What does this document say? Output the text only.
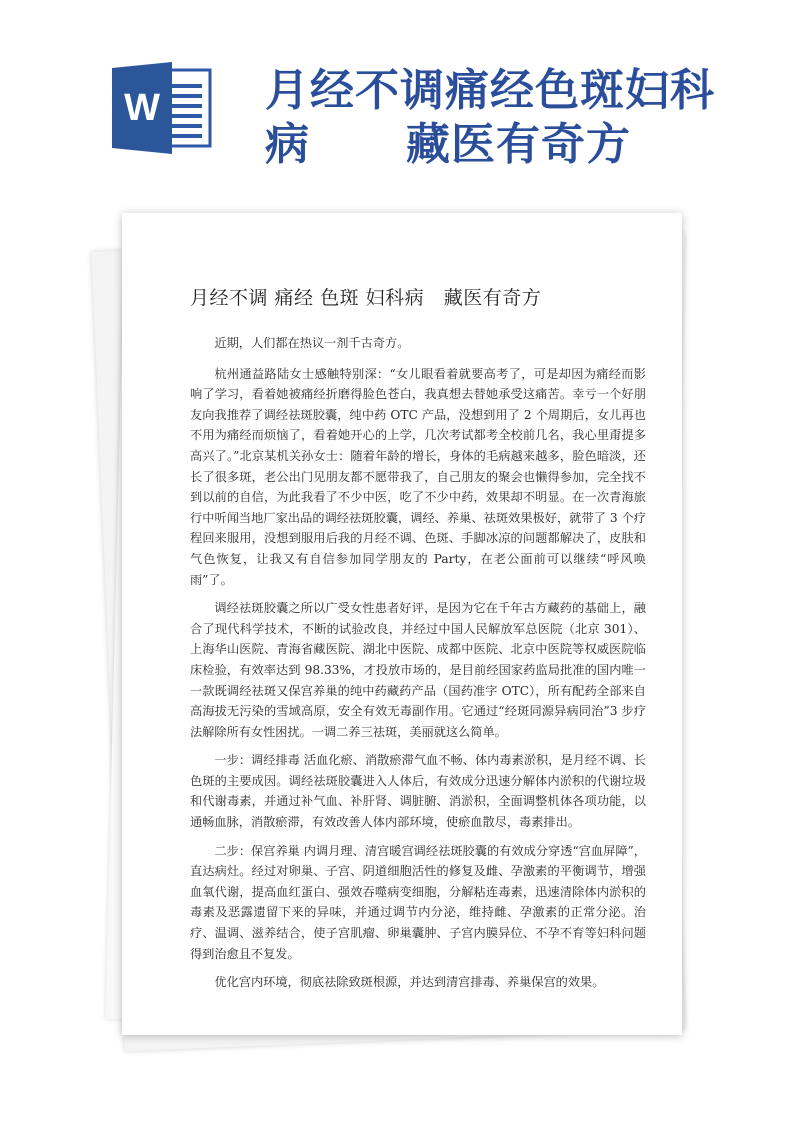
W 月经不调痛经色斑妇科
病 藏医有奇方
月经不调 痛经 色斑 妇科病   藏医有奇方

近期，人们都在热议一剂千古奇方。

杭州通益路陆女士感触特别深：“女儿眼看着就要高考了，可是却因为痛经而影响了学习，看着她被痛经折磨得脸色苍白，我真想去替她承受这痛苦。幸亏一个好朋友向我推荐了调经祛斑胶囊，纯中药 OTC 产品，没想到用了 2 个周期后，女儿再也不用为痛经而烦恼了，看着她开心的上学，几次考试都考全校前几名，我心里甭提多高兴了。”北京某机关孙女士：随着年龄的增长，身体的毛病越来越多，脸色暗淡，还长了很多斑，老公出门见朋友都不愿带我了，自己朋友的聚会也懒得参加，完全找不到以前的自信，为此我看了不少中医，吃了不少中药，效果却不明显。在一次青海旅行中听闻当地厂家出品的调经祛斑胶囊，调经、养巢、祛斑效果极好，就带了 3 个疗程回来服用，没想到服用后我的月经不调、色斑、手脚冰凉的问题都解决了，皮肤和气色恢复，让我又有自信参加同学朋友的 Party，在老公面前可以继续“呼风唤雨”了。

调经祛斑胶囊之所以广受女性患者好评，是因为它在千年古方藏药的基础上，融合了现代科学技术，不断的试验改良，并经过中国人民解放军总医院（北京 301）、上海华山医院、青海省藏医院、湖北中医院、成都中医院、北京中医院等权威医院临床检验，有效率达到 98.33%，才投放市场的，是目前经国家药监局批准的国内唯一一款既调经祛斑又保宫养巢的纯中药藏药产品（国药准字 OTC），所有配药全部来自高海拔无污染的雪域高原，安全有效无毒副作用。它通过“经斑同源异病同治”3 步疗法解除所有女性困扰。一调二养三祛斑，美丽就这么简单。

一步：调经排毒 活血化瘀、消散瘀滞气血不畅、体内毒素淤积，是月经不调、长色斑的主要成因。调经祛斑胶囊进入人体后，有效成分迅速分解体内淤积的代谢垃圾和代谢毒素，并通过补气血、补肝肾、调脏腑、消淤积，全面调整机体各项功能，以通畅血脉，消散瘀滞，有效改善人体内部环境，使瘀血散尽，毒素排出。

二步：保宫养巢 内调月理、清宫暖宫调经祛斑胶囊的有效成分穿透“宫血屏障”，直达病灶。经过对卵巢、子宫、阴道细胞活性的修复及雌、孕激素的平衡调节，增强血氧代谢，提高血红蛋白、强效吞噬病变细胞，分解粘连毒素，迅速清除体内淤积的毒素及恶露遗留下来的异味，并通过调节内分泌，维持雌、孕激素的正常分泌。治疗、温调、滋养结合，使子宫肌瘤、卵巢囊肿、子宫内膜异位、不孕不育等妇科问题得到治愈且不复发。

优化宫内环境，彻底祛除致斑根源，并达到清宫排毒、养巢保宫的效果。
